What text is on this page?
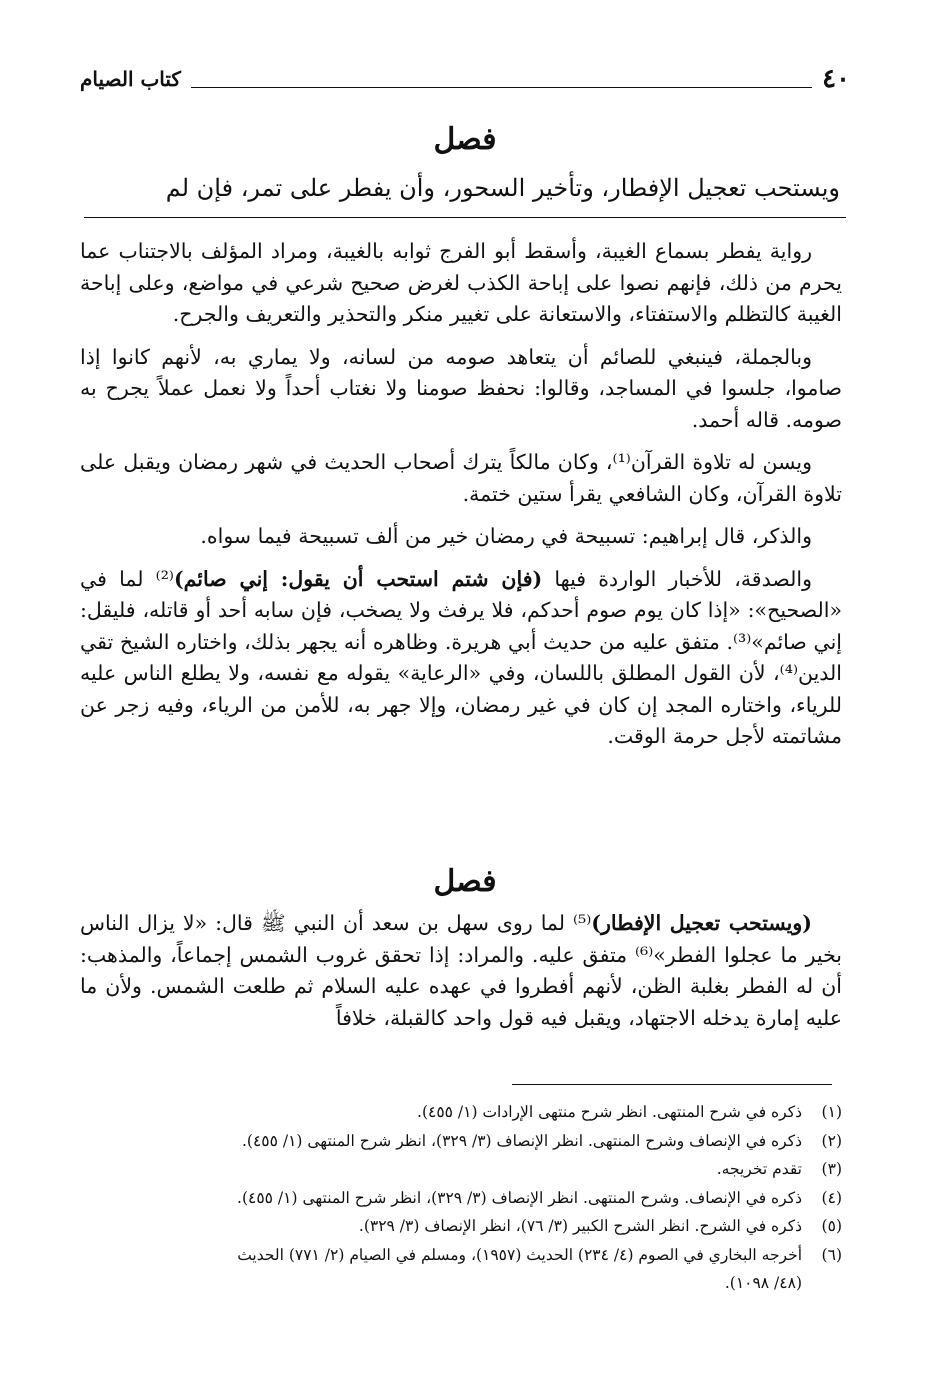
٤٠
كتاب الصيام
فصل
ويستحب تعجيل الإفطار، وتأخير السحور، وأن يفطر على تمر، فإن لم

رواية يفطر بسماع الغيبة، وأسقط أبو الفرج ثوابه بالغيبة، ومراد المؤلف بالاجتناب عما يحرم من ذلك، فإنهم نصوا على إباحة الكذب لغرض صحيح شرعي في مواضع، وعلى إباحة الغيبة كالتظلم والاستفتاء، والاستعانة على تغيير منكر والتحذير والتعريف والجرح.

وبالجملة، فينبغي للصائم أن يتعاهد صومه من لسانه، ولا يماري به، لأنهم كانوا إذا صاموا، جلسوا في المساجد، وقالوا: نحفظ صومنا ولا نغتاب أحداً ولا نعمل عملاً يجرح به صومه. قاله أحمد.

ويسن له تلاوة القرآن⁽¹⁾، وكان مالكاً يترك أصحاب الحديث في شهر رمضان ويقبل على تلاوة القرآن، وكان الشافعي يقرأ ستين ختمة.

والذكر، قال إبراهيم: تسبيحة في رمضان خير من ألف تسبيحة فيما سواه.

والصدقة، للأخبار الواردة فيها (فإن شتم استحب أن يقول: إني صائم)⁽²⁾ لما في «الصحيح»: «إذا كان يوم صوم أحدكم، فلا يرفث ولا يصخب، فإن سابه أحد أو قاتله، فليقل: إني صائم»⁽³⁾. متفق عليه من حديث أبي هريرة. وظاهره أنه يجهر بذلك، واختاره الشيخ تقي الدين⁽⁴⁾، لأن القول المطلق باللسان، وفي «الرعاية» يقوله مع نفسه، ولا يطلع الناس عليه للرياء، واختاره المجد إن كان في غير رمضان، وإلا جهر به، للأمن من الرياء، وفيه زجر عن مشاتمته لأجل حرمة الوقت.

فصل

(ويستحب تعجيل الإفطار)⁽⁵⁾ لما روى سهل بن سعد أن النبي ﷺ قال: «لا يزال الناس بخير ما عجلوا الفطر»⁽⁶⁾ متفق عليه. والمراد: إذا تحقق غروب الشمس إجماعاً، والمذهب: أن له الفطر بغلبة الظن، لأنهم أفطروا في عهده عليه السلام ثم طلعت الشمس. ولأن ما عليه إمارة يدخله الاجتهاد، ويقبل فيه قول واحد كالقبلة، خلافاً

(١)
ذكره في شرح المنتهى. انظر شرح منتهى الإرادات (١/ ٤٥٥).
(٢)
ذكره في الإنصاف وشرح المنتهى. انظر الإنصاف (٣/ ٣٢٩)، انظر شرح المنتهى (١/ ٤٥٥).
(٣)
تقدم تخريجه.
(٤)
ذكره في الإنصاف. وشرح المنتهى. انظر الإنصاف (٣/ ٣٢٩)، انظر شرح المنتهى (١/ ٤٥٥).
(٥)
ذكره في الشرح. انظر الشرح الكبير (٣/ ٧٦)، انظر الإنصاف (٣/ ٣٢٩).
(٦)
أخرجه البخاري في الصوم (٤/ ٢٣٤) الحديث (١٩٥٧)، ومسلم في الصيام (٢/ ٧٧١) الحديث
(٤٨/ ١٠٩٨).
